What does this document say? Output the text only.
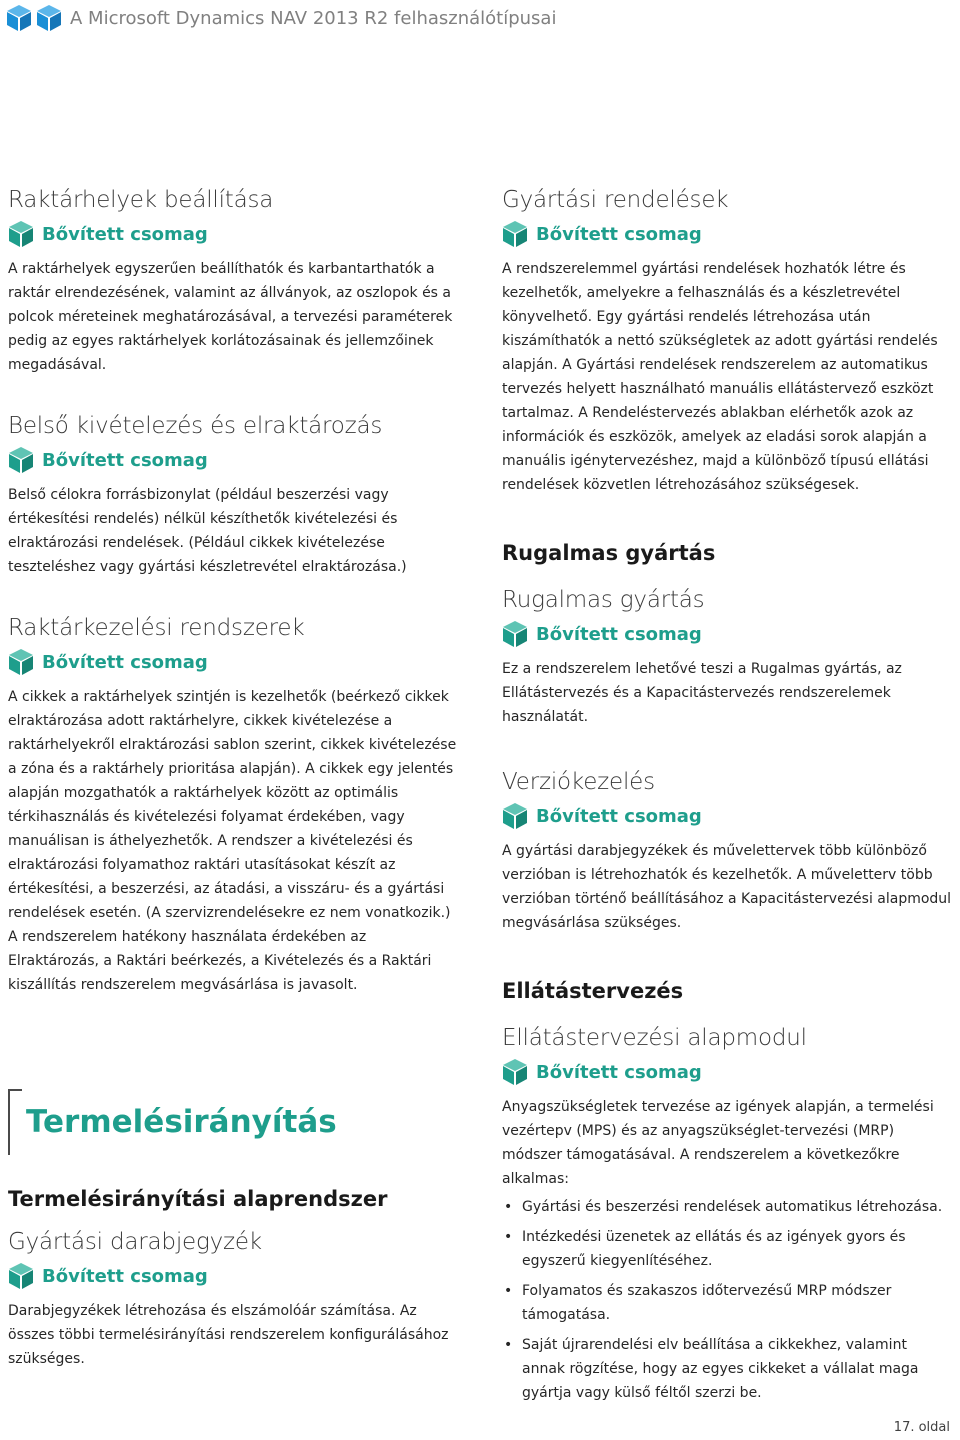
A Microsoft Dynamics NAV 2013 R2 felhasználótípusai
Raktárhelyek beállítása
Bővített csomag

A raktárhelyek egyszerűen beállíthatók és karbantarthatók a raktár elrendezésének, valamint az állványok, az oszlopok és a polcok méreteinek meghatározásával, a tervezési paraméterek pedig az egyes raktárhelyek korlátozásainak és jellemzőinek megadásával.

Belső kivételezés és elraktározás
Bővített csomag

Belső célokra forrásbizonylat (például beszerzési vagy értékesítési rendelés) nélkül készíthetők kivételezési és elraktározási rendelések. (Például cikkek kivételezése teszteléshez vagy gyártási készletrevétel elraktározása.)

Raktárkezelési rendszerek
Bővített csomag

A cikkek a raktárhelyek szintjén is kezelhetők (beérkező cikkek elraktározása adott raktárhelyre, cikkek kivételezése a raktárhelyekről elraktározási sablon szerint, cikkek kivételezése a zóna és a raktárhely prioritása alapján). A cikkek egy jelentés alapján mozgathatók a raktárhelyek között az optimális térkihasználás és kivételezési folyamat érdekében, vagy manuálisan is áthelyezhetők. A rendszer a kivételezési és elraktározási folyamathoz raktári utasításokat készít az értékesítési, a beszerzési, az átadási, a visszáru- és a gyártási rendelések esetén. (A szervizrendelésekre ez nem vonatkozik.) A rendszerelem hatékony használata érdekében az Elraktározás, a Raktári beérkezés, a Kivételezés és a Raktári kiszállítás rendszerelem megvásárlása is javasolt.

Termelésirányítás
Termelésirányítási alaprendszer
Gyártási darabjegyzék
Bővített csomag

Darabjegyzékek létrehozása és elszámolóár számítása. Az összes többi termelésirányítási rendszerelem konfigurálásához szükséges.

Gyártási rendelések
Bővített csomag

A rendszerelemmel gyártási rendelések hozhatók létre és kezelhetők, amelyekre a felhasználás és a készletrevétel könyvelhető. Egy gyártási rendelés létrehozása után kiszámíthatók a nettó szükségletek az adott gyártási rendelés alapján. A Gyártási rendelések rendszerelem az automatikus tervezés helyett használható manuális ellátástervező eszközt tartalmaz. A Rendeléstervezés ablakban elérhetők azok az információk és eszközök, amelyek az eladási sorok alapján a manuális igénytervezéshez, majd a különböző típusú ellátási rendelések közvetlen létrehozásához szükségesek.

Rugalmas gyártás
Rugalmas gyártás
Bővített csomag

Ez a rendszerelem lehetővé teszi a Rugalmas gyártás, az Ellátástervezés és a Kapacitástervezés rendszerelemek használatát.

Verziókezelés
Bővített csomag

A gyártási darabjegyzékek és művelettervek több különböző verzióban is létrehozhatók és kezelhetők. A műveletterv több verzióban történő beállításához a Kapacitástervezési alapmodul megvásárlása szükséges.

Ellátástervezés
Ellátástervezési alapmodul
Bővített csomag

Anyagszükségletek tervezése az igények alapján, a termelési vezértерv (MPS) és az anyagszükséglet-tervezési (MRP) módszer támogatásával. A rendszerelem a következőkre alkalmas:

• Gyártási és beszerzési rendelések automatikus létrehozása.
• Intézkedési üzenetek az ellátás és az igények gyors és egyszerű kiegyenlítéséhez.
• Folyamatos és szakaszos időtervezésű MRP módszer támogatása.
• Saját újrarendelési elv beállítása a cikkekhez, valamint annak rögzítése, hogy az egyes cikkeket a vállalat maga gyártja vagy külső féltől szerzi be.
17. oldal
